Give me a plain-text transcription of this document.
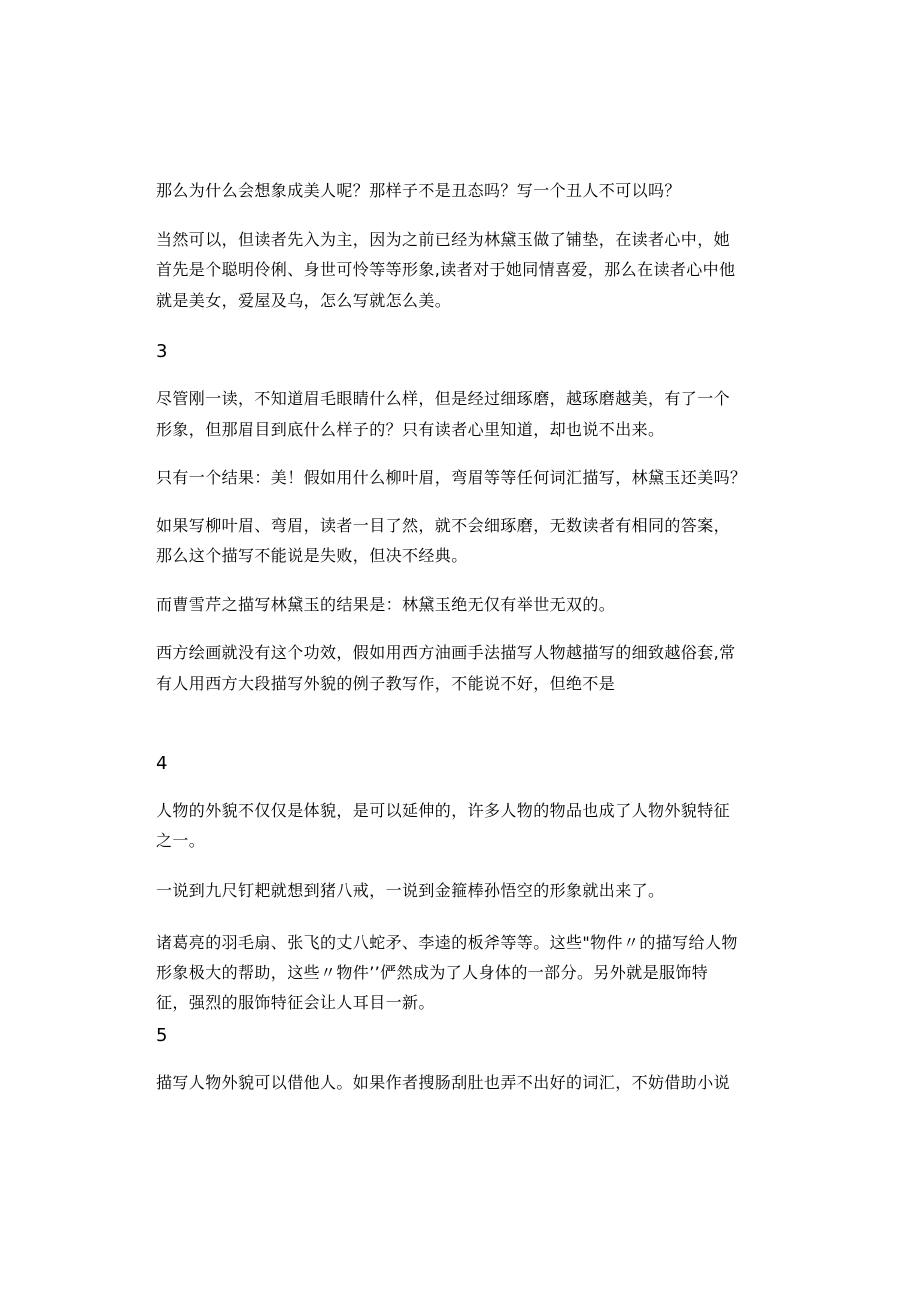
那么为什么会想象成美人呢？那样子不是丑态吗？写一个丑人不可以吗？
当然可以，但读者先入为主，因为之前已经为林黛玉做了铺垫，在读者心中，她
首先是个聪明伶俐、身世可怜等等形象,读者对于她同情喜爱，那么在读者心中他
就是美女，爱屋及乌，怎么写就怎么美。
3
尽管刚一读，不知道眉毛眼睛什么样，但是经过细琢磨，越琢磨越美，有了一个
形象，但那眉目到底什么样子的？只有读者心里知道，却也说不出来。
只有一个结果：美！假如用什么柳叶眉，弯眉等等任何词汇描写，林黛玉还美吗？
如果写柳叶眉、弯眉，读者一目了然，就不会细琢磨，无数读者有相同的答案，
那么这个描写不能说是失败，但决不经典。
而曹雪芹之描写林黛玉的结果是：林黛玉绝无仅有举世无双的。
西方绘画就没有这个功效，假如用西方油画手法描写人物越描写的细致越俗套,常
有人用西方大段描写外貌的例子教写作，不能说不好，但绝不是
4
人物的外貌不仅仅是体貌，是可以延伸的，许多人物的物品也成了人物外貌特征
之一。
一说到九尺钉耙就想到猪八戒，一说到金箍棒孙悟空的形象就出来了。
诸葛亮的羽毛扇、张飞的丈八蛇矛、李逵的板斧等等。这些"物件〃的描写给人物
形象极大的帮助，这些〃物件’’俨然成为了人身体的一部分。另外就是服饰特
征，强烈的服饰特征会让人耳目一新。
5
描写人物外貌可以借他人。如果作者搜肠刮肚也弄不出好的词汇，不妨借助小说
